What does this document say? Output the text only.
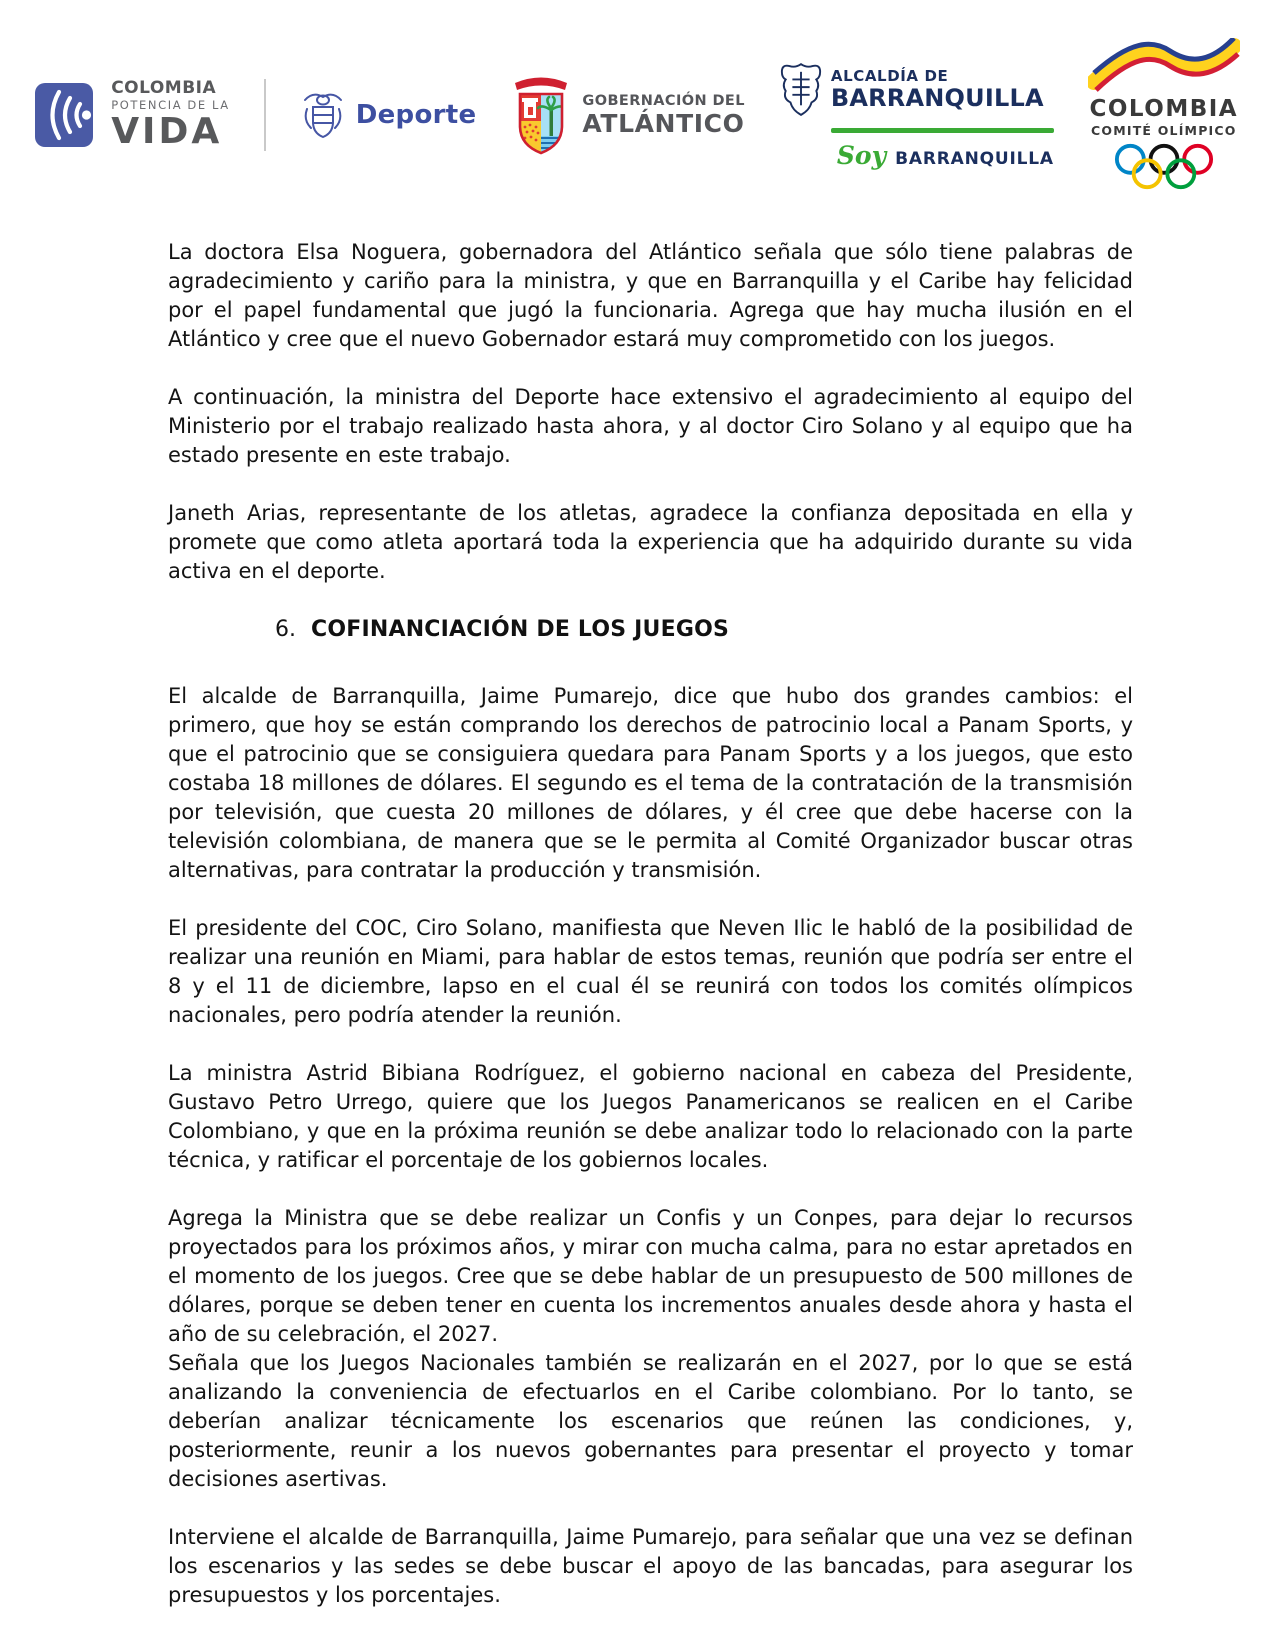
COLOMBIA
POTENCIA DE LA
VIDA	Deporte	GOBERNACIÓN DEL
ATLÁNTICO
ALCALDÍA DE
BARRANQUILLA
Soy BARRANQUILLA
COLOMBIA
COMITÉ OLÍMPICO

La doctora Elsa Noguera, gobernadora del Atlántico señala que sólo tiene palabras de agradecimiento y cariño para la ministra, y que en Barranquilla y el Caribe hay felicidad por el papel fundamental que jugó la funcionaria. Agrega que hay mucha ilusión en el Atlántico y cree que el nuevo Gobernador estará muy comprometido con los juegos.

A continuación, la ministra del Deporte hace extensivo el agradecimiento al equipo del Ministerio por el trabajo realizado hasta ahora, y al doctor Ciro Solano y al equipo que ha estado presente en este trabajo.

Janeth Arias, representante de los atletas, agradece la confianza depositada en ella y promete que como atleta aportará toda la experiencia que ha adquirido durante su vida activa en el deporte.

6. COFINANCIACIÓN DE LOS JUEGOS

El alcalde de Barranquilla, Jaime Pumarejo, dice que hubo dos grandes cambios: el primero, que hoy se están comprando los derechos de patrocinio local a Panam Sports, y que el patrocinio que se consiguiera quedara para Panam Sports y a los juegos, que esto costaba 18 millones de dólares. El segundo es el tema de la contratación de la transmisión por televisión, que cuesta 20 millones de dólares, y él cree que debe hacerse con la televisión colombiana, de manera que se le permita al Comité Organizador buscar otras alternativas, para contratar la producción y transmisión.

El presidente del COC, Ciro Solano, manifiesta que Neven Ilic le habló de la posibilidad de realizar una reunión en Miami, para hablar de estos temas, reunión que podría ser entre el 8 y el 11 de diciembre, lapso en el cual él se reunirá con todos los comités olímpicos nacionales, pero podría atender la reunión.

La ministra Astrid Bibiana Rodríguez, el gobierno nacional en cabeza del Presidente, Gustavo Petro Urrego, quiere que los Juegos Panamericanos se realicen en el Caribe Colombiano, y que en la próxima reunión se debe analizar todo lo relacionado con la parte técnica, y ratificar el porcentaje de los gobiernos locales.

Agrega la Ministra que se debe realizar un Confis y un Conpes, para dejar lo recursos proyectados para los próximos años, y mirar con mucha calma, para no estar apretados en el momento de los juegos. Cree que se debe hablar de un presupuesto de 500 millones de dólares, porque se deben tener en cuenta los incrementos anuales desde ahora y hasta el año de su celebración, el 2027.

Señala que los Juegos Nacionales también se realizarán en el 2027, por lo que se está analizando la conveniencia de efectuarlos en el Caribe colombiano. Por lo tanto, se deberían analizar técnicamente los escenarios que reúnen las condiciones, y, posteriormente, reunir a los nuevos gobernantes para presentar el proyecto y tomar decisiones asertivas.

Interviene el alcalde de Barranquilla, Jaime Pumarejo, para señalar que una vez se definan los escenarios y las sedes se debe buscar el apoyo de las bancadas, para asegurar los presupuestos y los porcentajes.
